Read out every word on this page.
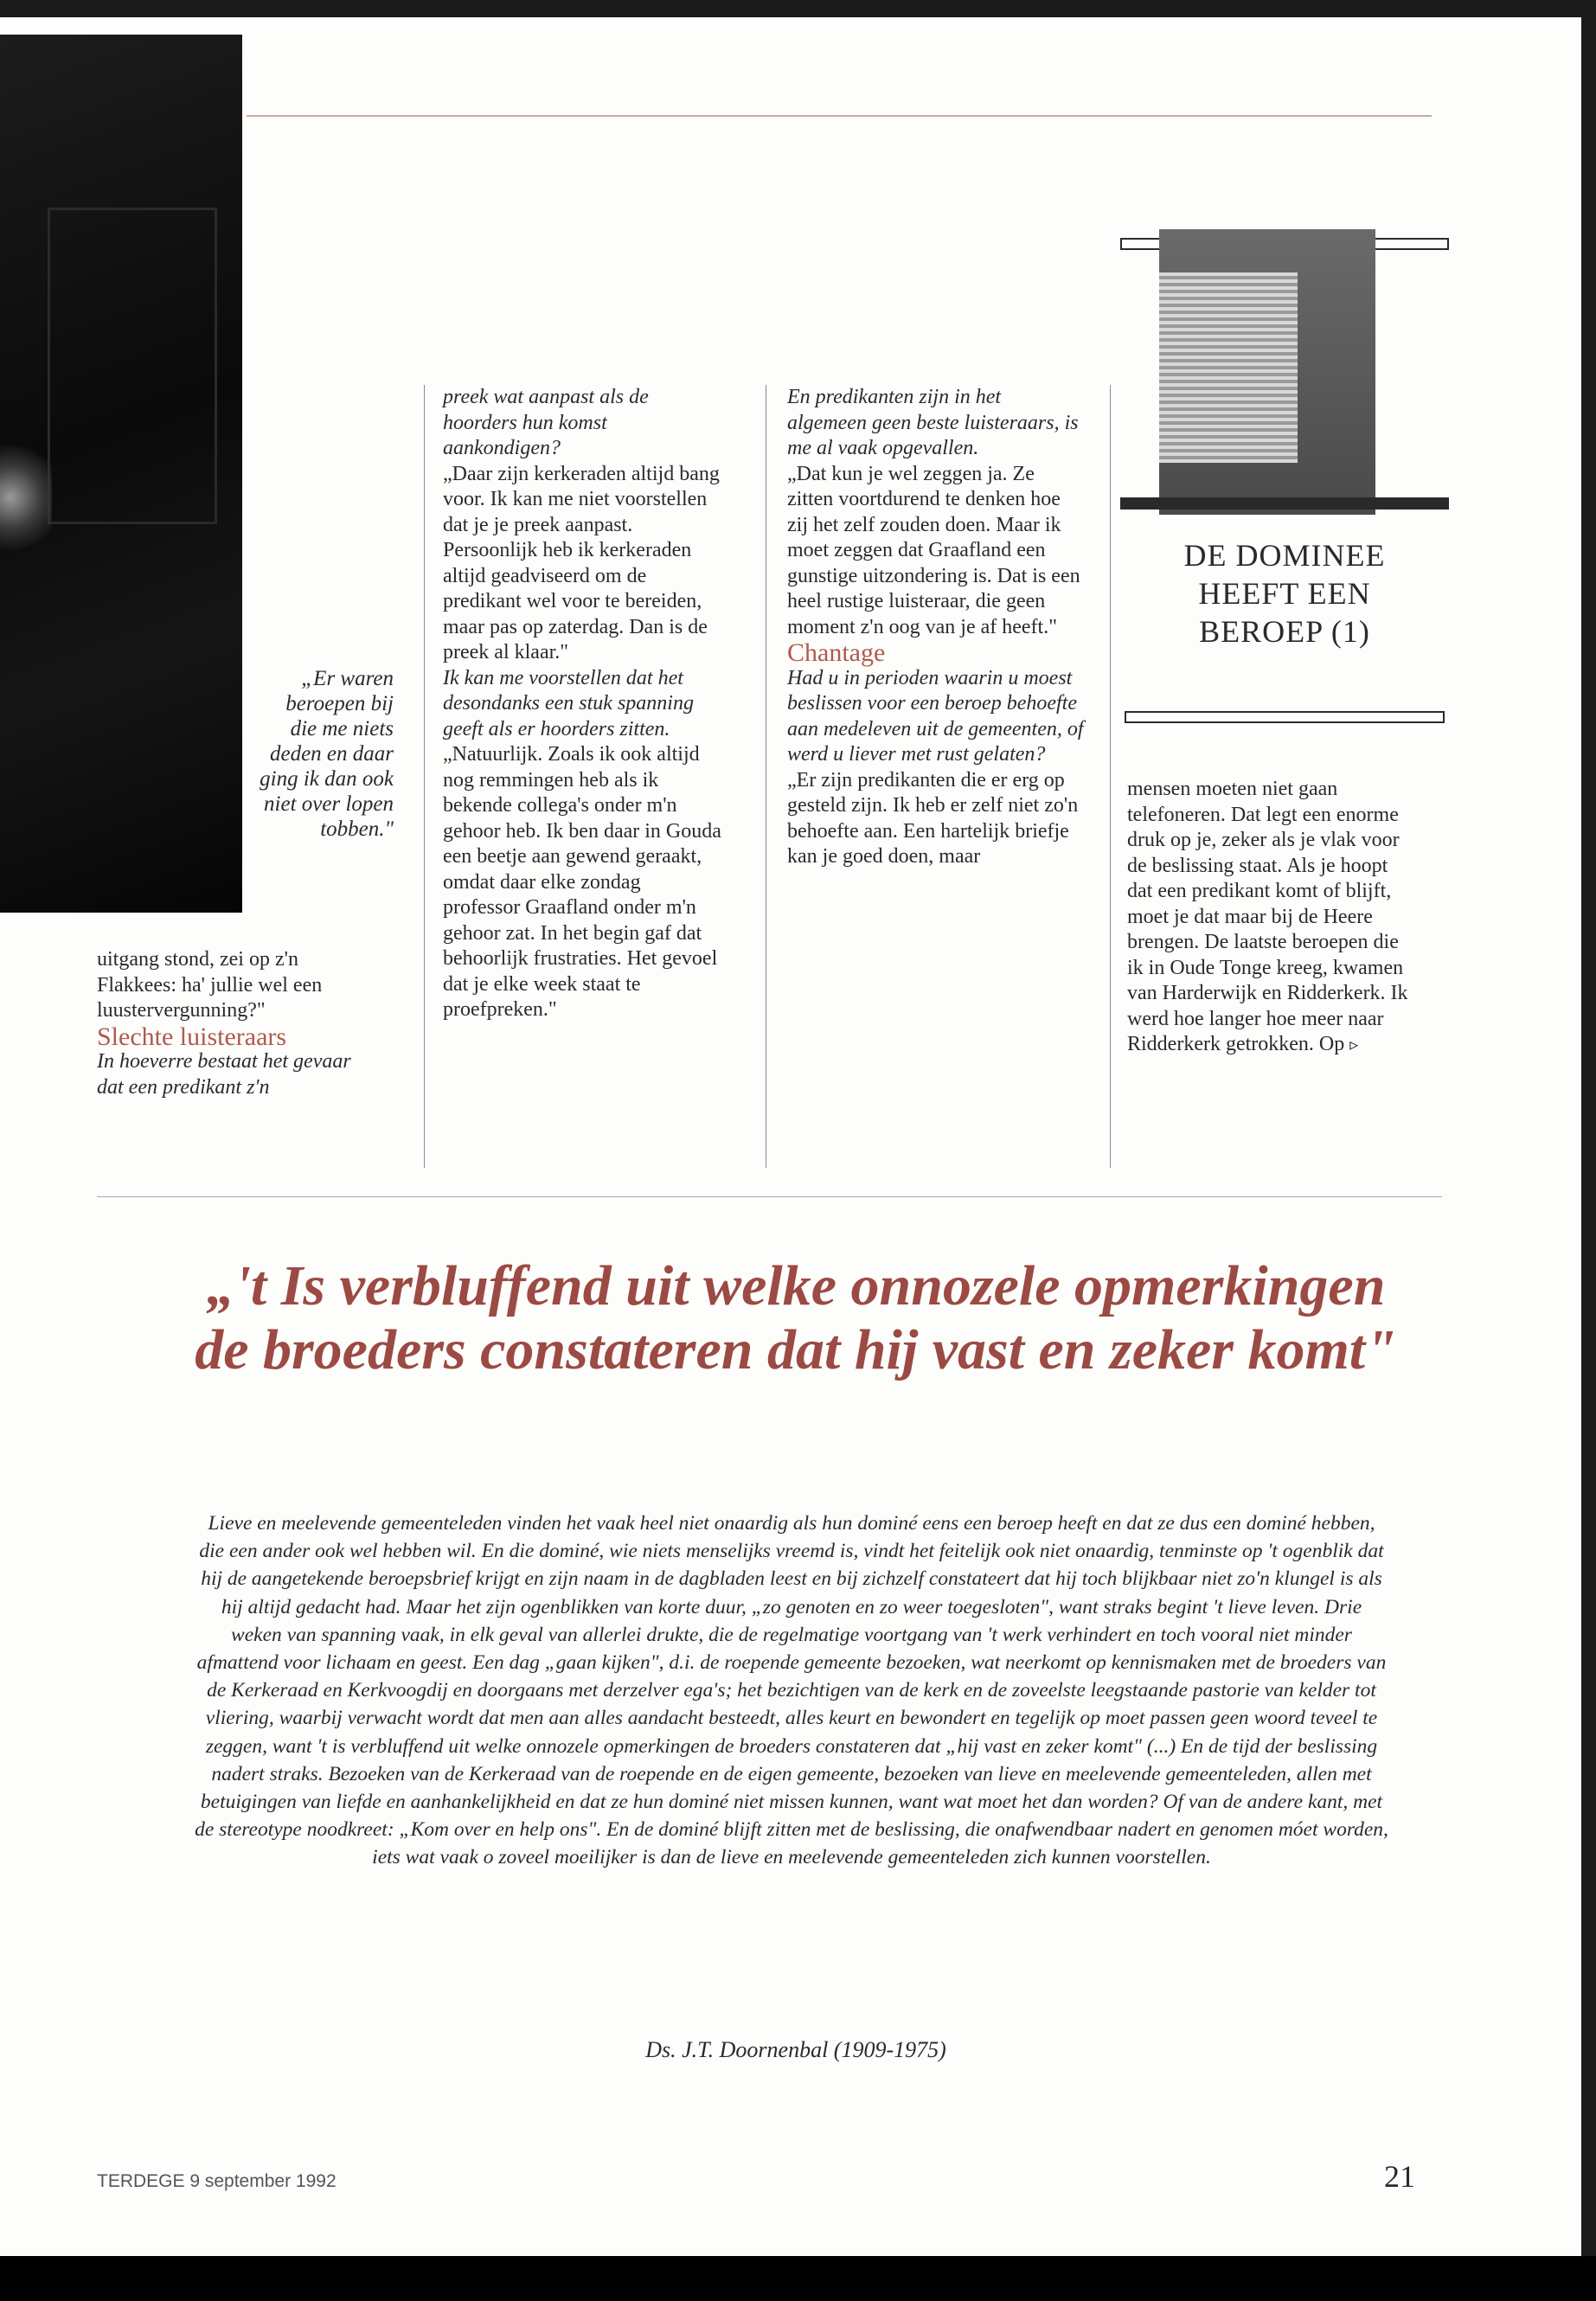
„Er waren beroepen bij die me niets deden en daar ging ik dan ook niet over lopen tobben."

uitgang stond, zei op z'n Flakkees: ha' jullie wel een luustervergunning?"

Slechte luisteraars

In hoeverre bestaat het gevaar dat een predikant z'n

preek wat aanpast als de hoorders hun komst aankondigen?

„Daar zijn kerkeraden altijd bang voor. Ik kan me niet voorstellen dat je je preek aanpast. Persoonlijk heb ik kerkeraden altijd geadviseerd om de predikant wel voor te bereiden, maar pas op zaterdag. Dan is de preek al klaar."

Ik kan me voorstellen dat het desondanks een stuk spanning geeft als er hoorders zitten.

„Natuurlijk. Zoals ik ook altijd nog remmingen heb als ik bekende collega's onder m'n gehoor heb. Ik ben daar in Gouda een beetje aan gewend geraakt, omdat daar elke zondag professor Graafland onder m'n gehoor zat. In het begin gaf dat behoorlijk frustraties. Het gevoel dat je elke week staat te proefpreken."

En predikanten zijn in het algemeen geen beste luisteraars, is me al vaak opgevallen.

„Dat kun je wel zeggen ja. Ze zitten voortdurend te denken hoe zij het zelf zouden doen. Maar ik moet zeggen dat Graafland een gunstige uitzondering is. Dat is een heel rustige luisteraar, die geen moment z'n oog van je af heeft."

Chantage

Had u in perioden waarin u moest beslissen voor een beroep behoefte aan medeleven uit de gemeenten, of werd u liever met rust gelaten?

„Er zijn predikanten die er erg op gesteld zijn. Ik heb er zelf niet zo'n behoefte aan. Een hartelijk briefje kan je goed doen, maar

DE DOMINEE
HEEFT EEN
BEROEP (1)

mensen moeten niet gaan telefoneren. Dat legt een enorme druk op je, zeker als je vlak voor de beslissing staat. Als je hoopt dat een predikant komt of blijft, moet je dat maar bij de Heere brengen. De laatste beroepen die ik in Oude Tonge kreeg, kwamen van Harderwijk en Ridderkerk. Ik werd hoe langer hoe meer naar Ridderkerk getrokken. Op ▹

„'t Is verbluffend uit welke onnozele opmerkingen de broeders constateren dat hij vast en zeker komt"
Lieve en meelevende gemeenteleden vinden het vaak heel niet onaardig als hun dominé eens een beroep heeft en dat ze dus een dominé hebben, die een ander ook wel hebben wil. En die dominé, wie niets menselijks vreemd is, vindt het feitelijk ook niet onaardig, tenminste op 't ogenblik dat hij de aangetekende beroepsbrief krijgt en zijn naam in de dagbladen leest en bij zichzelf constateert dat hij toch blijkbaar niet zo'n klungel is als hij altijd gedacht had. Maar het zijn ogenblikken van korte duur, „zo genoten en zo weer toegesloten", want straks begint 't lieve leven. Drie weken van spanning vaak, in elk geval van allerlei drukte, die de regelmatige voortgang van 't werk verhindert en toch vooral niet minder afmattend voor lichaam en geest. Een dag „gaan kijken", d.i. de roepende gemeente bezoeken, wat neerkomt op kennismaken met de broeders van de Kerkeraad en Kerkvoogdij en doorgaans met derzelver ega's; het bezichtigen van de kerk en de zoveelste leegstaande pastorie van kelder tot vliering, waarbij verwacht wordt dat men aan alles aandacht besteedt, alles keurt en bewondert en tegelijk op moet passen geen woord teveel te zeggen, want 't is verbluffend uit welke onnozele opmerkingen de broeders constateren dat „hij vast en zeker komt" (...) En de tijd der beslissing nadert straks. Bezoeken van de Kerkeraad van de roepende en de eigen gemeente, bezoeken van lieve en meelevende gemeenteleden, allen met betuigingen van liefde en aanhankelijkheid en dat ze hun dominé niet missen kunnen, want wat moet het dan worden? Of van de andere kant, met de stereotype noodkreet: „Kom over en help ons". En de dominé blijft zitten met de beslissing, die onafwendbaar nadert en genomen móet worden, iets wat vaak o zoveel moeilijker is dan de lieve en meelevende gemeenteleden zich kunnen voorstellen.
Ds. J.T. Doornenbal (1909-1975)
TERDEGE 9 september 1992	21
